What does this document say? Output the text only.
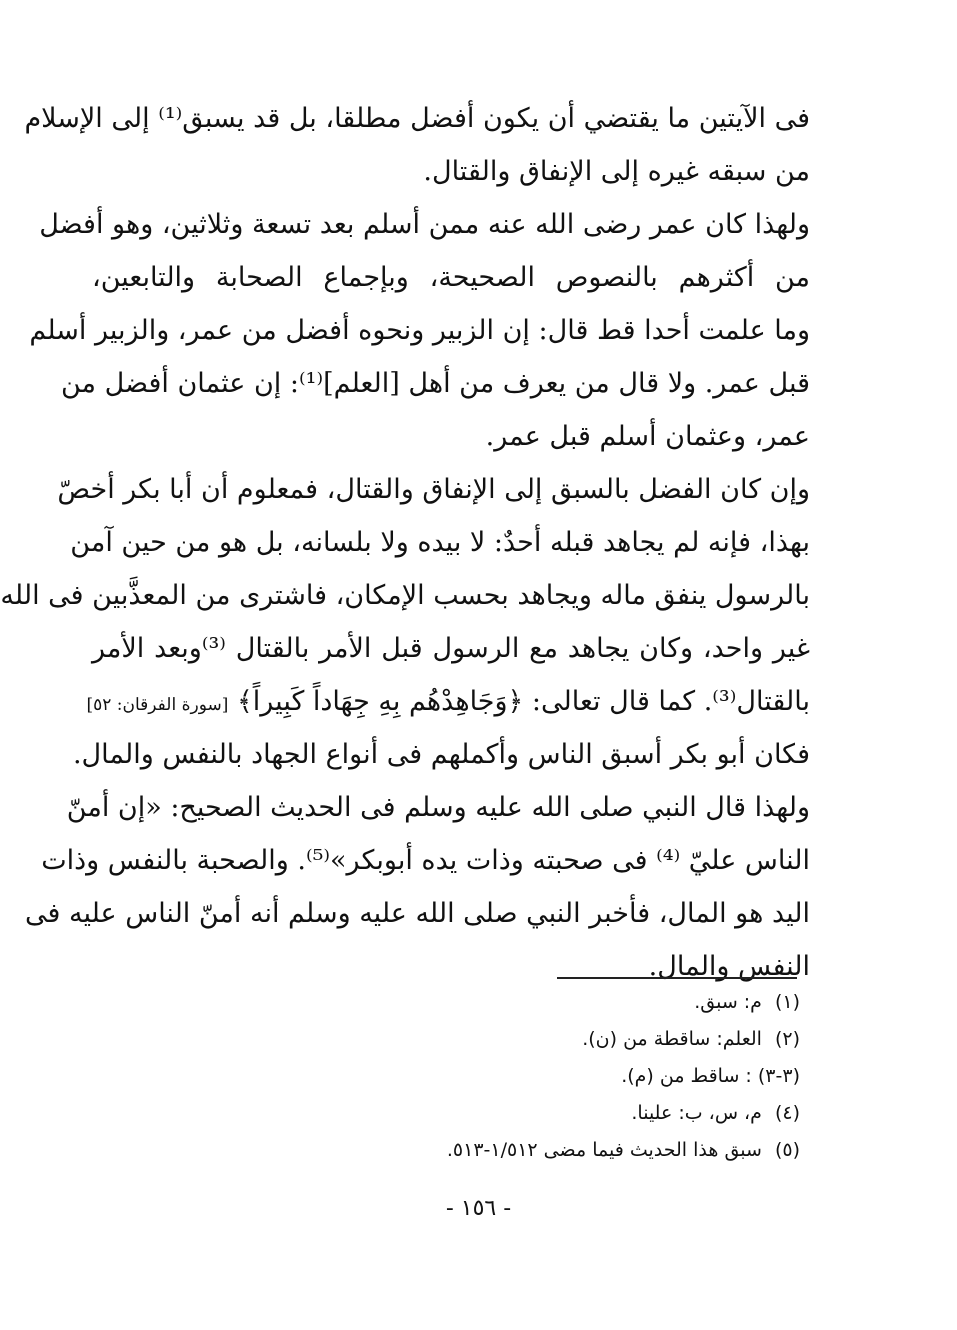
فى الآيتين ما يقتضي أن يكون أفضل مطلقا، بل قد يسبق⁽¹⁾ إلى الإسلام
من سبقه غيره إلى الإنفاق والقتال.
ولهذا كان عمر رضى الله عنه ممن أسلم بعد تسعة وثلاثين، وهو أفضل
من أكثرهم بالنصوص الصحيحة، وبإجماع الصحابة والتابعين،
وما علمت أحدا قط قال: إن الزبير ونحوه أفضل من عمر، والزبير أسلم
قبل عمر. ولا قال من يعرف من أهل [العلم]⁽¹⁾: إن عثمان أفضل من
عمر، وعثمان أسلم قبل عمر.
وإن كان الفضل بالسبق إلى الإنفاق والقتال، فمعلوم أن أبا بكر أخصّ
بهذا، فإنه لم يجاهد قبله أحدٌ: لا بيده ولا بلسانه، بل هو من حين آمن
بالرسول ينفق ماله ويجاهد بحسب الإمكان، فاشترى من المعذَّبين فى الله
غير واحد، وكان يجاهد مع الرسول قبل الأمر بالقتال ⁽³⁾وبعد الأمر
بالقتال⁽³⁾. كما قال تعالى: ﴿وَجَاهِدْهُم بِهِ جِهَاداً كَبِيراً﴾ [سورة الفرقان: ٥٢]
فكان أبو بكر أسبق الناس وأكملهم فى أنواع الجهاد بالنفس والمال.
ولهذا قال النبي صلى الله عليه وسلم فى الحديث الصحيح: «إن أمنّ
الناس عليّ ⁽⁴⁾ فى صحبته وذات يده أبوبكر»⁽⁵⁾. والصحبة بالنفس وذات
اليد هو المال، فأخبر النبي صلى الله عليه وسلم أنه أمنّ الناس عليه فى
النفس والمال.
(١) م: سبق.
(٢) العلم: ساقطة من (ن).
(٣-٣) : ساقط من (م).
(٤) م، س، ب: علينا.
(٥) سبق هذا الحديث فيما مضى ١/٥١٢-٥١٣.
- ١٥٦ -
